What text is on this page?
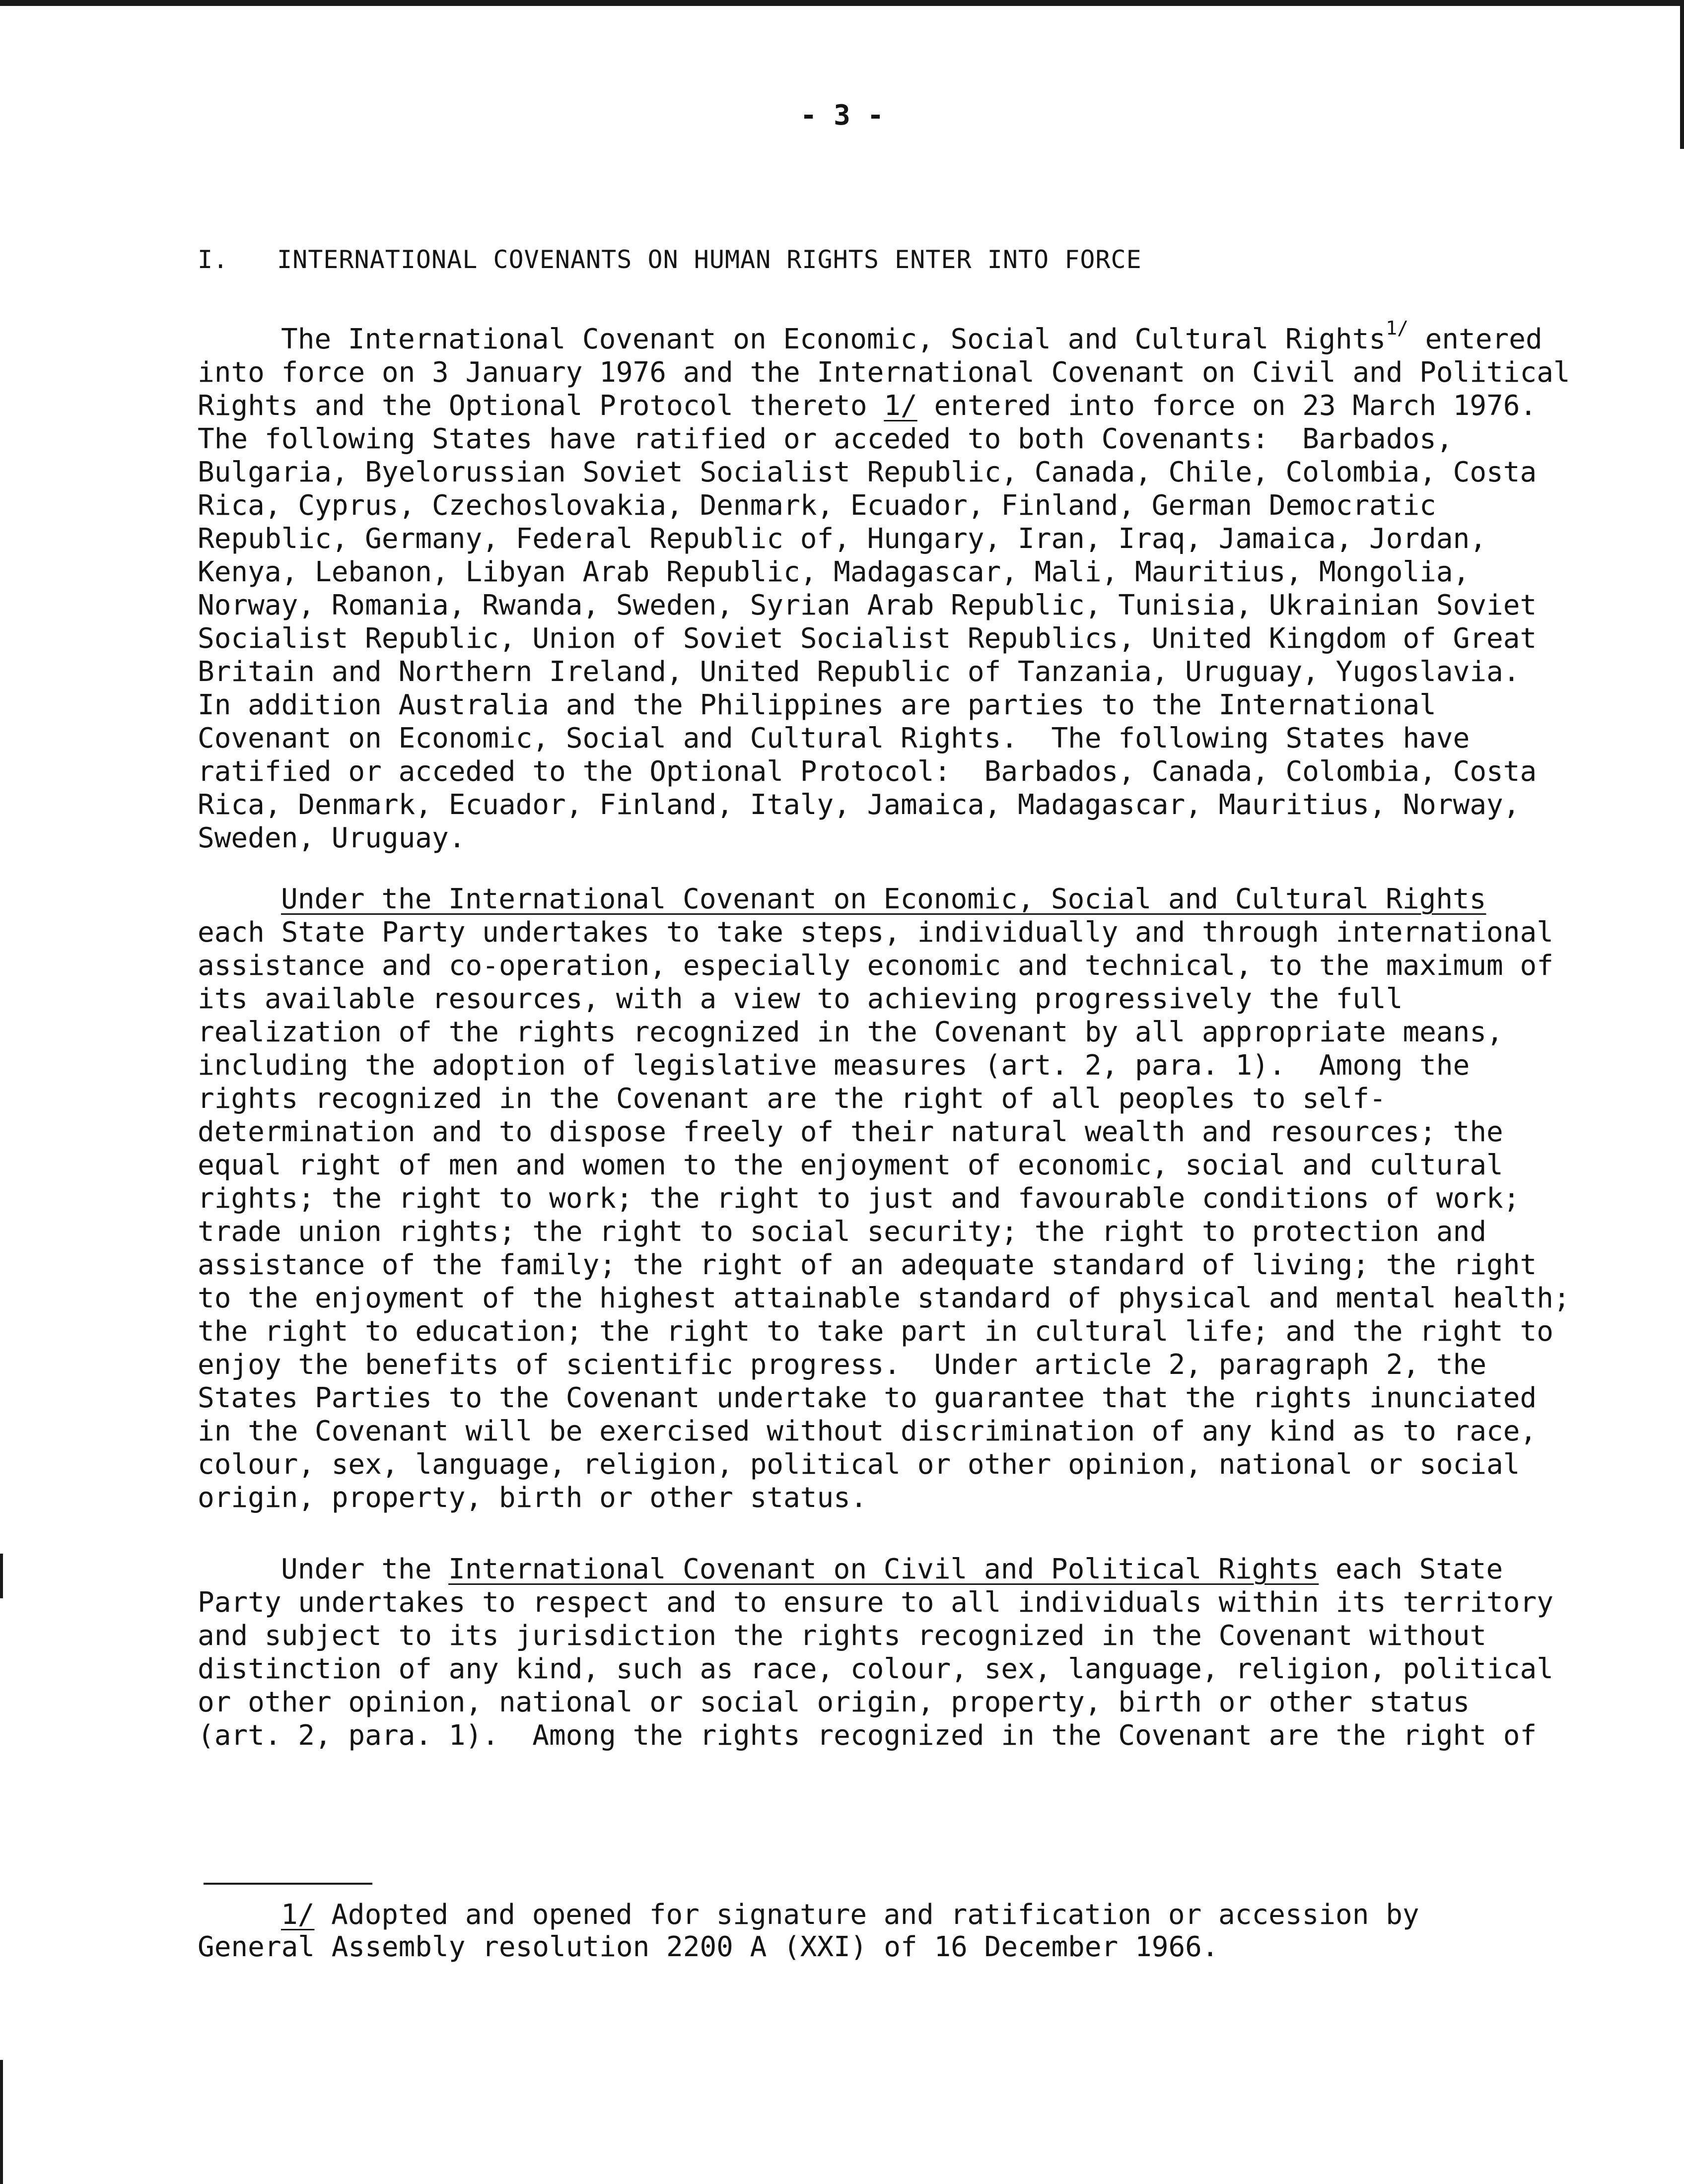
- 3 -
I. INTERNATIONAL COVENANTS ON HUMAN RIGHTS ENTER INTO FORCE
The International Covenant on Economic, Social and Cultural Rights$^{1/}$ entered
into force on 3 January 1976 and the International Covenant on Civil and Political
Rights and the Optional Protocol thereto 1/ entered into force on 23 March 1976.
The following States have ratified or acceded to both Covenants:  Barbados,
Bulgaria, Byelorussian Soviet Socialist Republic, Canada, Chile, Colombia, Costa
Rica, Cyprus, Czechoslovakia, Denmark, Ecuador, Finland, German Democratic
Republic, Germany, Federal Republic of, Hungary, Iran, Iraq, Jamaica, Jordan,
Kenya, Lebanon, Libyan Arab Republic, Madagascar, Mali, Mauritius, Mongolia,
Norway, Romania, Rwanda, Sweden, Syrian Arab Republic, Tunisia, Ukrainian Soviet
Socialist Republic, Union of Soviet Socialist Republics, United Kingdom of Great
Britain and Northern Ireland, United Republic of Tanzania, Uruguay, Yugoslavia.
In addition Australia and the Philippines are parties to the International
Covenant on Economic, Social and Cultural Rights.  The following States have
ratified or acceded to the Optional Protocol:  Barbados, Canada, Colombia, Costa
Rica, Denmark, Ecuador, Finland, Italy, Jamaica, Madagascar, Mauritius, Norway,
Sweden, Uruguay.
Under the International Covenant on Economic, Social and Cultural Rights
each State Party undertakes to take steps, individually and through international
assistance and co-operation, especially economic and technical, to the maximum of
its available resources, with a view to achieving progressively the full
realization of the rights recognized in the Covenant by all appropriate means,
including the adoption of legislative measures (art. 2, para. 1).  Among the
rights recognized in the Covenant are the right of all peoples to self-
determination and to dispose freely of their natural wealth and resources; the
equal right of men and women to the enjoyment of economic, social and cultural
rights; the right to work; the right to just and favourable conditions of work;
trade union rights; the right to social security; the right to protection and
assistance of the family; the right of an adequate standard of living; the right
to the enjoyment of the highest attainable standard of physical and mental health;
the right to education; the right to take part in cultural life; and the right to
enjoy the benefits of scientific progress.  Under article 2, paragraph 2, the
States Parties to the Covenant undertake to guarantee that the rights inunciated
in the Covenant will be exercised without discrimination of any kind as to race,
colour, sex, language, religion, political or other opinion, national or social
origin, property, birth or other status.
Under the International Covenant on Civil and Political Rights each State
Party undertakes to respect and to ensure to all individuals within its territory
and subject to its jurisdiction the rights recognized in the Covenant without
distinction of any kind, such as race, colour, sex, language, religion, political
or other opinion, national or social origin, property, birth or other status
(art. 2, para. 1).  Among the rights recognized in the Covenant are the right of
1/ Adopted and opened for signature and ratification or accession by
General Assembly resolution 2200 A (XXI) of 16 December 1966.
